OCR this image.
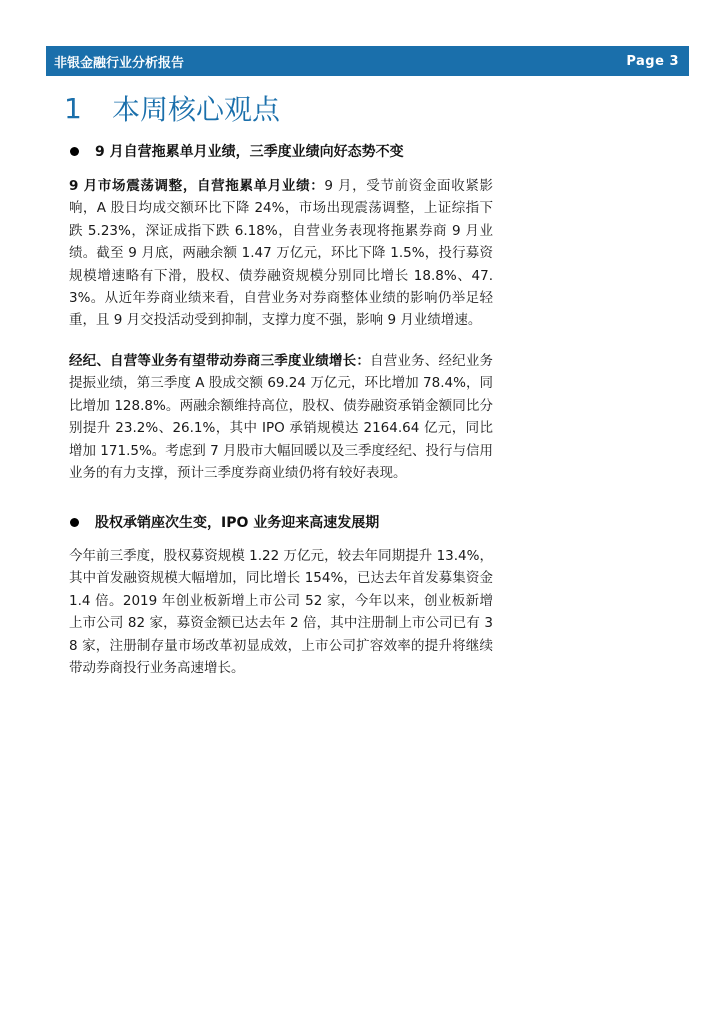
非银金融行业分析报告	Page 3
1	本周核心观点
9 月自营拖累单月业绩，三季度业绩向好态势不变
9 月市场震荡调整，自营拖累单月业绩：9 月，受节前资金面收紧影响，A 股日均成交额环比下降 24%，市场出现震荡调整，上证综指下跌 5.23%，深证成指下跌 6.18%，自营业务表现将拖累券商 9 月业绩。截至 9 月底，两融余额 1.47 万亿元，环比下降 1.5%，投行募资规模增速略有下滑，股权、债券融资规模分别同比增长 18.8%、47.3%。从近年券商业绩来看，自营业务对券商整体业绩的影响仍举足轻重，且 9 月交投活动受到抑制，支撑力度不强，影响 9 月业绩增速。
经纪、自营等业务有望带动券商三季度业绩增长：自营业务、经纪业务提振业绩，第三季度 A 股成交额 69.24 万亿元，环比增加 78.4%，同比增加 128.8%。两融余额维持高位，股权、债券融资承销金额同比分别提升 23.2%、26.1%，其中 IPO 承销规模达 2164.64 亿元，同比增加 171.5%。考虑到 7 月股市大幅回暖以及三季度经纪、投行与信用业务的有力支撑，预计三季度券商业绩仍将有较好表现。
股权承销座次生变，IPO 业务迎来高速发展期
今年前三季度，股权募资规模 1.22 万亿元，较去年同期提升 13.4%，其中首发融资规模大幅增加，同比增长 154%，已达去年首发募集资金 1.4 倍。2019 年创业板新增上市公司 52 家，今年以来，创业板新增上市公司 82 家，募资金额已达去年 2 倍，其中注册制上市公司已有 38 家，注册制存量市场改革初显成效，上市公司扩容效率的提升将继续带动券商投行业务高速增长。
